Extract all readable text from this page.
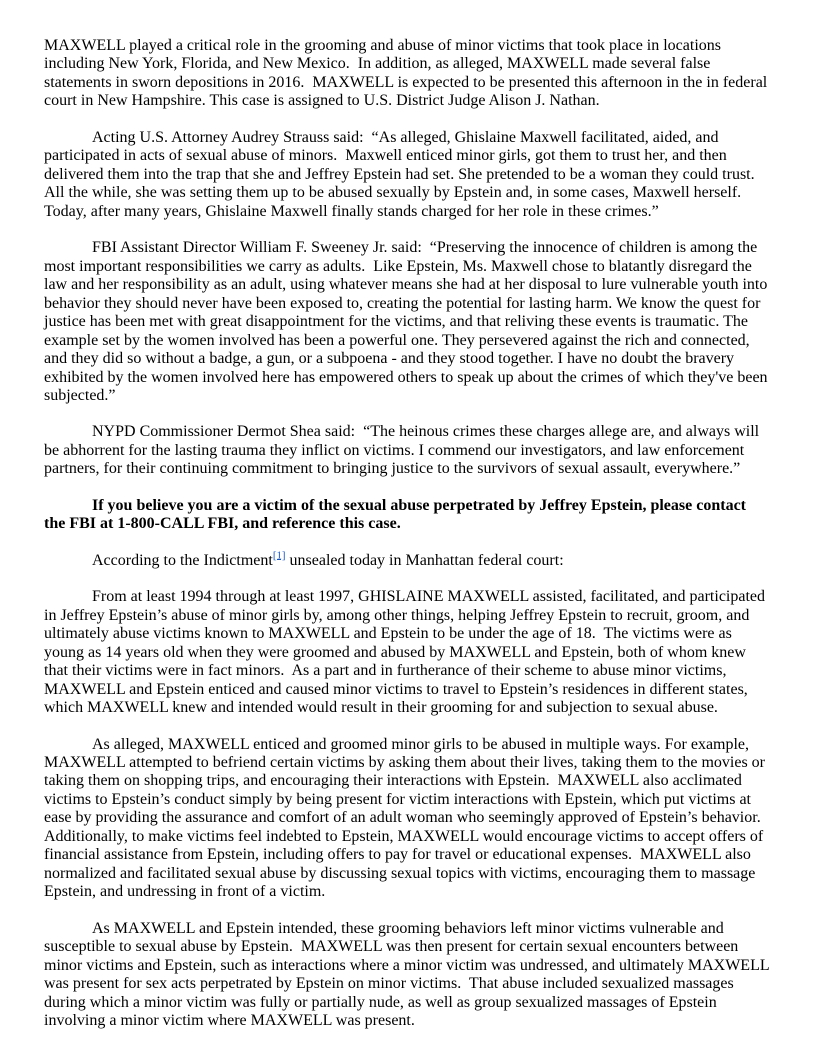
MAXWELL played a critical role in the grooming and abuse of minor victims that took place in locations including New York, Florida, and New Mexico.  In addition, as alleged, MAXWELL made several false statements in sworn depositions in 2016.  MAXWELL is expected to be presented this afternoon in the in federal court in New Hampshire. This case is assigned to U.S. District Judge Alison J. Nathan.

Acting U.S. Attorney Audrey Strauss said:  “As alleged, Ghislaine Maxwell facilitated, aided, and participated in acts of sexual abuse of minors.  Maxwell enticed minor girls, got them to trust her, and then delivered them into the trap that she and Jeffrey Epstein had set. She pretended to be a woman they could trust. All the while, she was setting them up to be abused sexually by Epstein and, in some cases, Maxwell herself. Today, after many years, Ghislaine Maxwell finally stands charged for her role in these crimes.”

FBI Assistant Director William F. Sweeney Jr. said:  “Preserving the innocence of children is among the most important responsibilities we carry as adults.  Like Epstein, Ms. Maxwell chose to blatantly disregard the law and her responsibility as an adult, using whatever means she had at her disposal to lure vulnerable youth into behavior they should never have been exposed to, creating the potential for lasting harm. We know the quest for justice has been met with great disappointment for the victims, and that reliving these events is traumatic. The example set by the women involved has been a powerful one. They persevered against the rich and connected, and they did so without a badge, a gun, or a subpoena - and they stood together. I have no doubt the bravery exhibited by the women involved here has empowered others to speak up about the crimes of which they've been subjected.”

NYPD Commissioner Dermot Shea said:  “The heinous crimes these charges allege are, and always will be abhorrent for the lasting trauma they inflict on victims. I commend our investigators, and law enforcement partners, for their continuing commitment to bringing justice to the survivors of sexual assault, everywhere.”

If you believe you are a victim of the sexual abuse perpetrated by Jeffrey Epstein, please contact the FBI at 1-800-CALL FBI, and reference this case.

According to the Indictment[1] unsealed today in Manhattan federal court:

From at least 1994 through at least 1997, GHISLAINE MAXWELL assisted, facilitated, and participated in Jeffrey Epstein’s abuse of minor girls by, among other things, helping Jeffrey Epstein to recruit, groom, and ultimately abuse victims known to MAXWELL and Epstein to be under the age of 18.  The victims were as young as 14 years old when they were groomed and abused by MAXWELL and Epstein, both of whom knew that their victims were in fact minors.  As a part and in furtherance of their scheme to abuse minor victims, MAXWELL and Epstein enticed and caused minor victims to travel to Epstein’s residences in different states, which MAXWELL knew and intended would result in their grooming for and subjection to sexual abuse.

As alleged, MAXWELL enticed and groomed minor girls to be abused in multiple ways. For example, MAXWELL attempted to befriend certain victims by asking them about their lives, taking them to the movies or taking them on shopping trips, and encouraging their interactions with Epstein.  MAXWELL also acclimated victims to Epstein’s conduct simply by being present for victim interactions with Epstein, which put victims at ease by providing the assurance and comfort of an adult woman who seemingly approved of Epstein’s behavior. Additionally, to make victims feel indebted to Epstein, MAXWELL would encourage victims to accept offers of financial assistance from Epstein, including offers to pay for travel or educational expenses.  MAXWELL also normalized and facilitated sexual abuse by discussing sexual topics with victims, encouraging them to massage Epstein, and undressing in front of a victim.

As MAXWELL and Epstein intended, these grooming behaviors left minor victims vulnerable and susceptible to sexual abuse by Epstein.  MAXWELL was then present for certain sexual encounters between minor victims and Epstein, such as interactions where a minor victim was undressed, and ultimately MAXWELL was present for sex acts perpetrated by Epstein on minor victims.  That abuse included sexualized massages during which a minor victim was fully or partially nude, as well as group sexualized massages of Epstein involving a minor victim where MAXWELL was present.
